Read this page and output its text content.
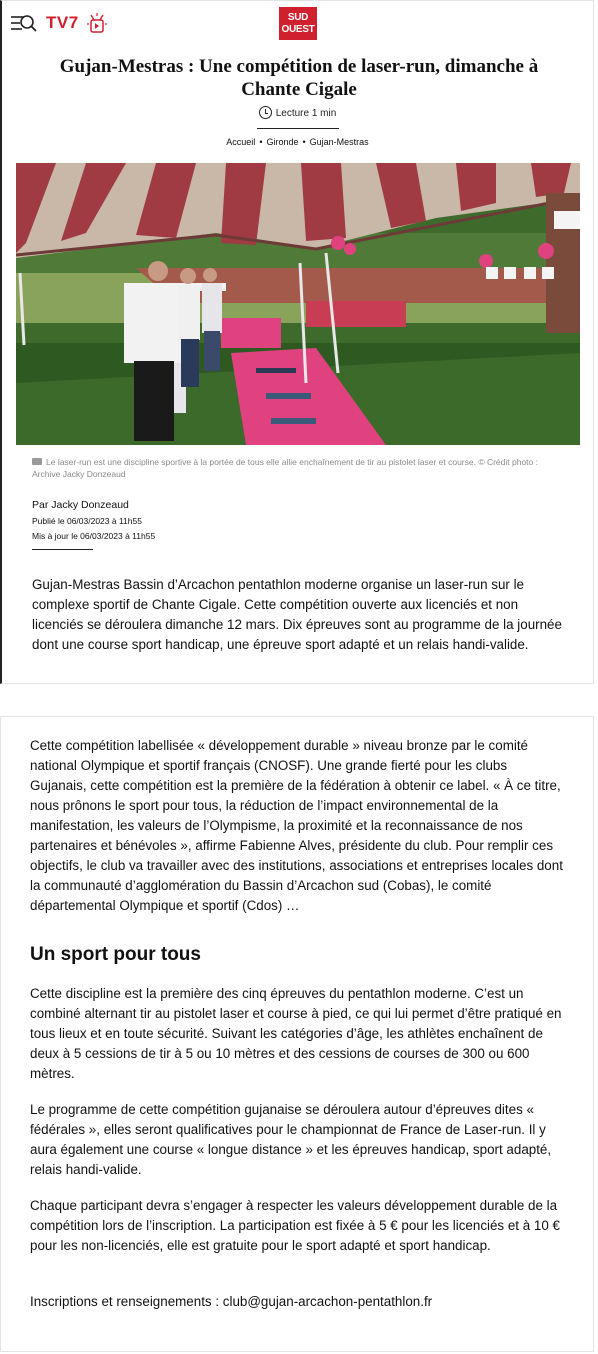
TV7	SUD
OUEST
Gujan-Mestras : Une compétition de laser-run, dimanche à Chante Cigale
Lecture 1 min
Accueil • Gironde • Gujan-Mestras
Le laser-run est une discipline sportive à la portée de tous elle allie enchaînement de tir au pistolet laser et course. © Crédit photo : Archive Jacky Donzeaud
Par Jacky Donzeaud
Publié le 06/03/2023 à 11h55
Mis à jour le 06/03/2023 à 11h55

Gujan-Mestras Bassin d’Arcachon pentathlon moderne organise un laser-run sur le complexe sportif de Chante Cigale. Cette compétition ouverte aux licenciés et non licenciés se déroulera dimanche 12 mars. Dix épreuves sont au programme de la journée dont une course sport handicap, une épreuve sport adapté et un relais handi-valide.

Cette compétition labellisée « développement durable » niveau bronze par le comité national Olympique et sportif français (CNOSF). Une grande fierté pour les clubs Gujanais, cette compétition est la première de la fédération à obtenir ce label. « À ce titre, nous prônons le sport pour tous, la réduction de l’impact environnemental de la manifestation, les valeurs de l’Olympisme, la proximité et la reconnaissance de nos partenaires et bénévoles », affirme Fabienne Alves, présidente du club. Pour remplir ces objectifs, le club va travailler avec des institutions, associations et entreprises locales dont la communauté d’agglomération du Bassin d’Arcachon sud (Cobas), le comité départemental Olympique et sportif (Cdos) …

Un sport pour tous

Cette discipline est la première des cinq épreuves du pentathlon moderne. C’est un combiné alternant tir au pistolet laser et course à pied, ce qui lui permet d’être pratiqué en tous lieux et en toute sécurité. Suivant les catégories d’âge, les athlètes enchaînent de deux à 5 cessions de tir à 5 ou 10 mètres et des cessions de courses de 300 ou 600 mètres.

Le programme de cette compétition gujanaise se déroulera autour d’épreuves dites « fédérales », elles seront qualificatives pour le championnat de France de Laser-run. Il y aura également une course « longue distance » et les épreuves handicap, sport adapté, relais handi-valide.

Chaque participant devra s’engager à respecter les valeurs développement durable de la compétition lors de l’inscription. La participation est fixée à 5 € pour les licenciés et à 10 € pour les non-licenciés, elle est gratuite pour le sport adapté et sport handicap.

Inscriptions et renseignements : club@gujan-arcachon-pentathlon.fr
